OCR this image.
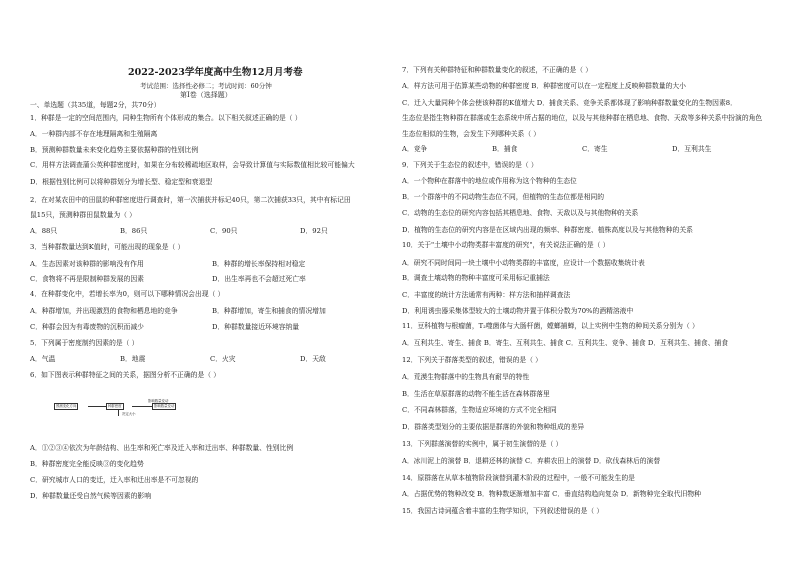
2022-2023学年度高中生物12月月考卷
考试范围：选择性必修二；考试时间：60分钟
第Ⅰ卷（选择题）
一、单选题（共35道，每题2分，共70分）
预测变化方向	种群密度	影响数量变动
决定大小
影响数量变动
1．种群是一定的空间范围内，同种生物所有个体形成的集合。以下相关叙述正确的是（ ）
A．一种群内部不存在地理隔离和生殖隔离
B．预测种群数量未来变化趋势主要依据种群的性别比例
C．用样方法调查蒲公英种群密度时，如果在分布较稀疏地区取样，会导致计算值与实际数值相比较可能偏大
D．根据性别比例可以将种群划分为增长型、稳定型和衰退型
2．在对某农田中的田鼠的种群密度进行调查时，第一次捕获并标记40只，第二次捕获33只，其中有标记田
鼠15只，预测种群田鼠数量为（ ）
A．88只	B．86只	C．90只	D．92只
3．当种群数量达到K值时，可能出现的现象是（ ）
A．生态因素对该种群的影响没有作用	B．种群的增长率保持相对稳定
C．食物将不再是限制种群发展的因素	D．出生率再也不会超过死亡率
4．在种群变化中，若增长率为0，则可以下哪种情况会出现（ ）
A．种群增加，并出现激烈的食物和栖息地的竞争	B．种群增加，寄生和捕食的情况增加
C．种群会因为有毒废物的沉积而减少	D．种群数量接近环境容纳量
5．下列属于密度制约因素的是（ ）
A．气温	B．地震	C．火灾	D．天敌
6．如下图表示种群特征之间的关系，据图分析不正确的是（ ）
A．①②③④依次为年龄结构、出生率和死亡率及迁入率和迁出率、种群数量、性别比例
B．种群密度完全能反映③的变化趋势
C．研究城市人口的变迁，迁入率和迁出率是不可忽视的
D．种群数量还受自然气候等因素的影响
7．下列有关种群特征和种群数量变化的叙述，不正确的是（ ）
A．样方法可用于估算某些动物的种群密度 B．种群密度可以在一定程度上反映种群数量的大小
C．迁入大量同种个体会使该种群的K值增大 D．捕食关系、竞争关系都体现了影响种群数量变化的生物因素8．
生态位是指生物种群在群落或生态系统中所占据的地位，以及与其他种群在栖息地、食物、天敌等多种关系中扮演的角色
生态位相似的生物，会发生下列哪种关系（ ）
A．竞争	B．捕食	C．寄生	D．互利共生
9．下列关于生态位的叙述中，错误的是（ ）
A．一个物种在群落中的地位或作用称为这个物种的生态位
B．一个群落中的不同动物生态位不同，但植物的生态位都是相同的
C．动物的生态位的研究内容包括其栖息地、食物、天敌以及与其他物种的关系
D．植物的生态位的研究内容是在区域内出现的频率、种群密度、植株高度以及与其他物种的关系
10．关于"土壤中小动物类群丰富度的研究"，有关说法正确的是（ ）
A．研究不同时间同一块土壤中小动物类群的丰富度，应设计一个数据收集统计表
B．调查土壤动物的物种丰富度可采用标记重捕法
C．丰富度的统计方法通常有两种：样方法和抽样调查法
D．利用诱虫器采集体型较大的土壤动物并置于体积分数为70%的酒精溶液中
11．豆科植物与根瘤菌，T₂噬菌体与大肠杆菌，螳螂捕蝉，以上实例中生物的种间关系分别为（ ）
A．互利共生、寄生、捕食 B．寄生、互利共生、捕食 C．互利共生、竞争、捕食 D．互利共生、捕食、捕食
12．下列关于群落类型的叙述，错误的是（ ）
A．荒漠生物群落中的生物具有耐旱的特性
B．生活在草原群落的动物不能生活在森林群落里
C．不同森林群落，生物适应环境的方式不完全相同
D．群落类型划分的主要依据是群落的外貌和物种组成的差异
13．下列群落演替的实例中，属于初生演替的是（ ）
A．冰川泥上的演替 B．退耕还林的演替 C．弃耕农田上的演替 D．砍伐森林后的演替
14．原群落在从草本植物阶段演替到灌木阶段的过程中，一般不可能发生的是
A．占据优势的物种改变 B．物种数逐渐增加丰富 C．垂直结构趋向复杂 D．新物种完全取代旧物种
15．我国古诗词蕴含着丰富的生物学知识，下列叙述错误的是（ ）
